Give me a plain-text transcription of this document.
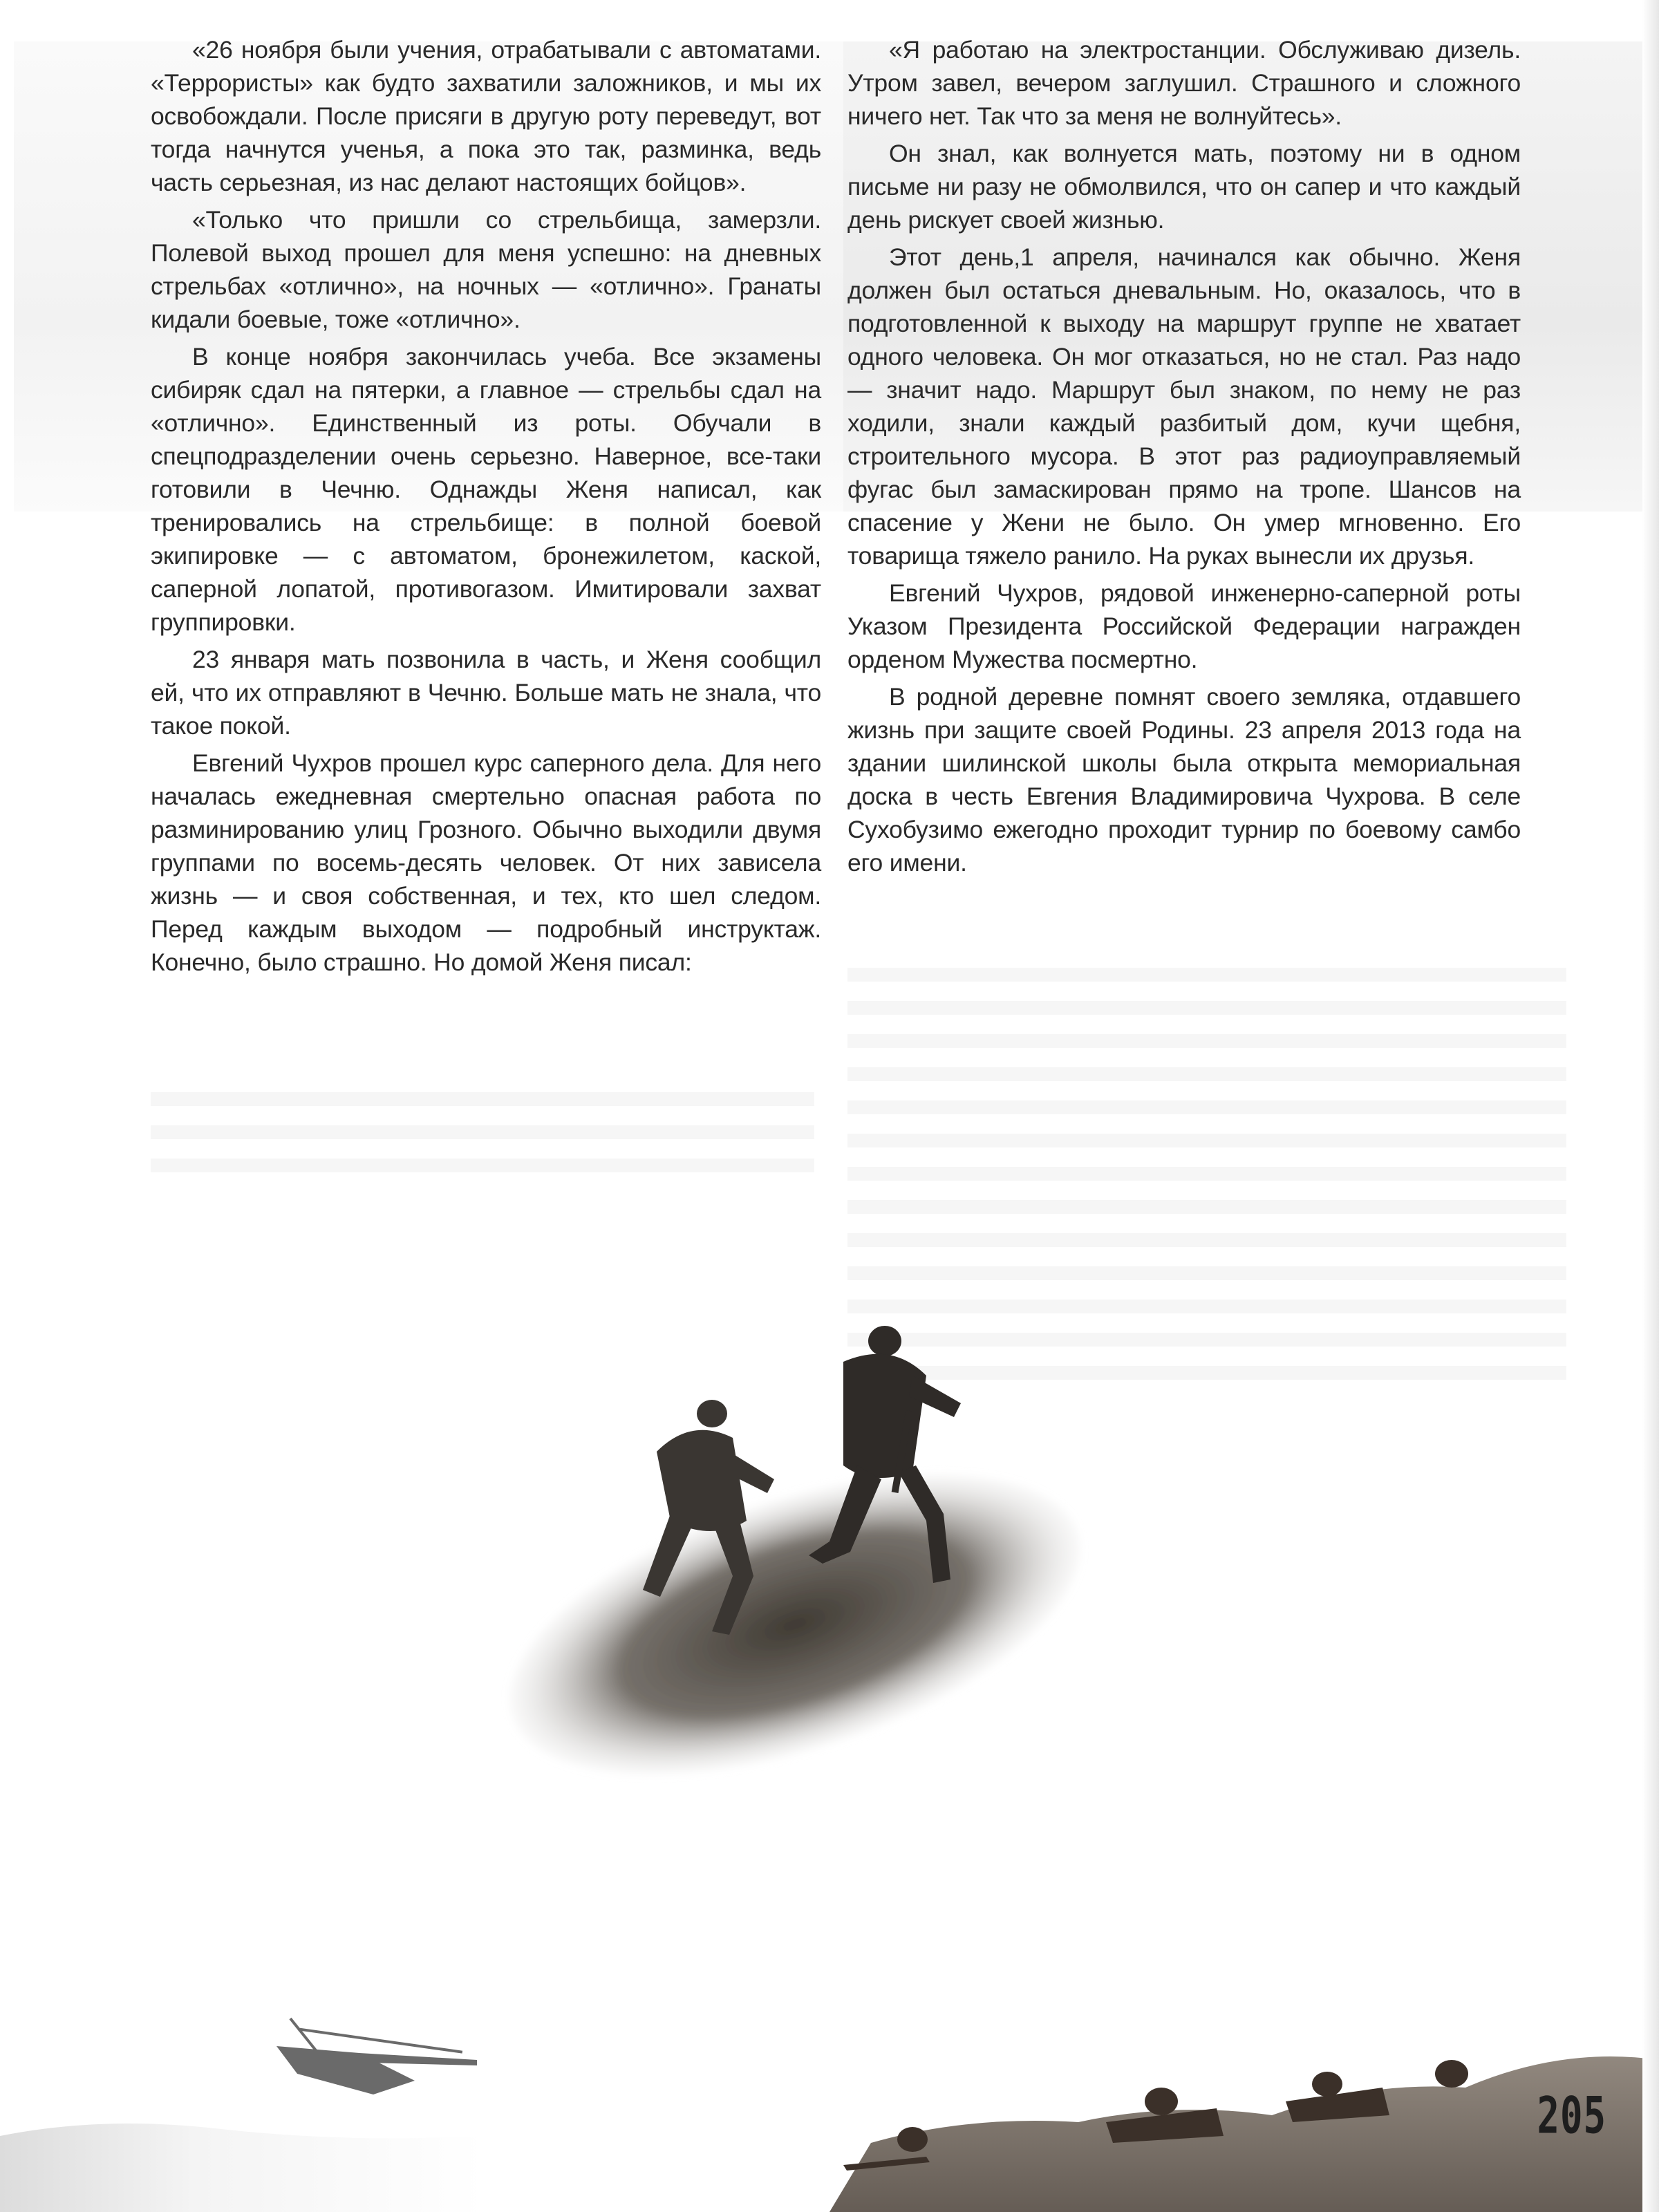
«26 ноября были учения, отрабатывали с автоматами. «Террористы» как будто захватили заложников, и мы их освобождали. После присяги в другую роту переведут, вот тогда начнутся ученья, а пока это так, разминка, ведь часть серьезная, из нас делают настоящих бойцов».

«Только что пришли со стрельбища, замерзли. Полевой выход прошел для меня успешно: на дневных стрельбах «отлично», на ночных — «отлично». Гранаты кидали боевые, тоже «отлично».

В конце ноября закончилась учеба. Все экзамены сибиряк сдал на пятерки, а главное — стрельбы сдал на «отлично». Единственный из роты. Обучали в спецподразделении очень серьезно. Наверное, все-таки готовили в Чечню. Однажды Женя написал, как тренировались на стрельбище: в полной боевой экипировке — с автоматом, бронежилетом, каской, саперной лопатой, противогазом. Имитировали захват группировки.

23 января мать позвонила в часть, и Женя сообщил ей, что их отправляют в Чечню. Больше мать не знала, что такое покой.

Евгений Чухров прошел курс саперного дела. Для него началась ежедневная смертельно опасная работа по разминированию улиц Грозного. Обычно выходили двумя группами по восемь-десять человек. От них зависела жизнь — и своя собственная, и тех, кто шел следом. Перед каждым выходом — подробный инструктаж. Конечно, было страшно. Но домой Женя писал:

«Я работаю на электростанции. Обслуживаю дизель. Утром завел, вечером заглушил. Страшного и сложного ничего нет. Так что за меня не волнуйтесь».

Он знал, как волнуется мать, поэтому ни в одном письме ни разу не обмолвился, что он сапер и что каждый день рискует своей жизнью.

Этот день,1 апреля, начинался как обычно. Женя должен был остаться дневальным. Но, оказалось, что в подготовленной к выходу на маршрут группе не хватает одного человека. Он мог отказаться, но не стал. Раз надо — значит надо. Маршрут был знаком, по нему не раз ходили, знали каждый разбитый дом, кучи щебня, строительного мусора. В этот раз радиоуправляемый фугас был замаскирован прямо на тропе. Шансов на спасение у Жени не было. Он умер мгновенно. Его товарища тяжело ранило. На руках вынесли их друзья.

Евгений Чухров, рядовой инженерно-саперной роты Указом Президента Российской Федерации награжден орденом Мужества посмертно.

В родной деревне помнят своего земляка, отдавшего жизнь при защите своей Родины. 23 апреля 2013 года на здании шилинской школы была открыта мемориальная доска в честь Евгения Владимировича Чухрова. В селе Сухобузимо ежегодно проходит турнир по боевому самбо его имени.

205
